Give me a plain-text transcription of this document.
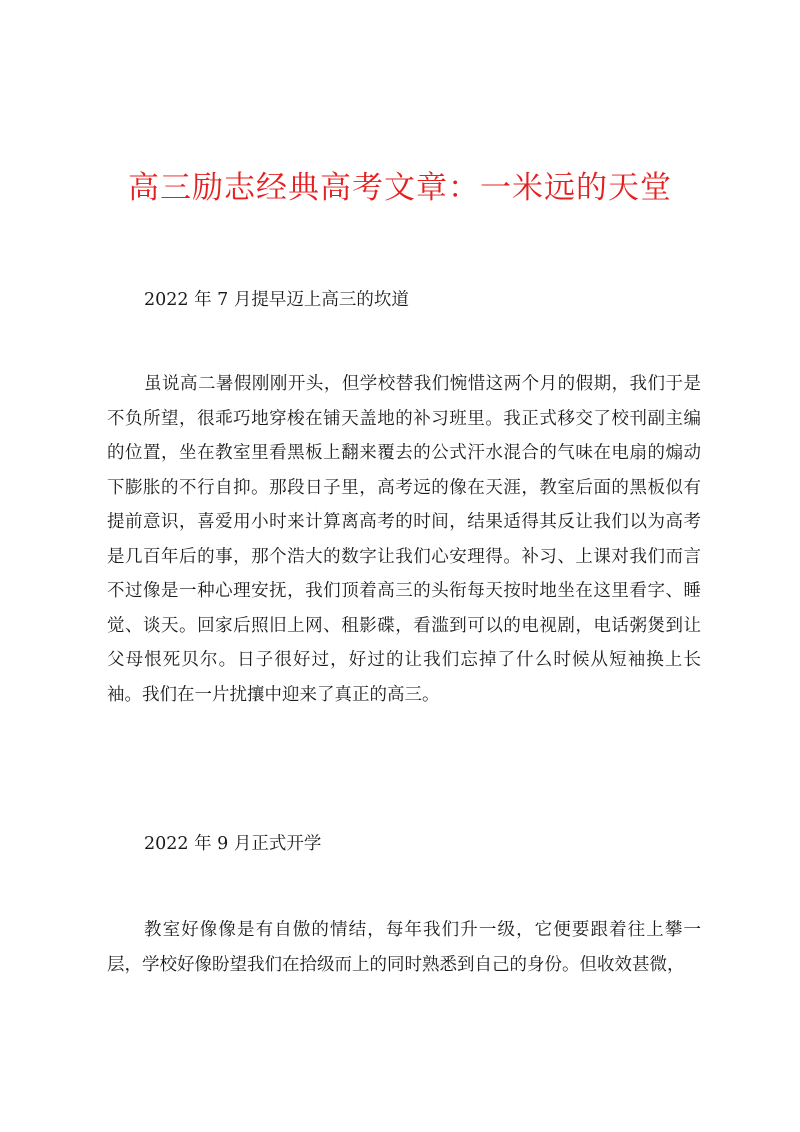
高三励志经典高考文章：一米远的天堂

2022 年 7 月提早迈上高三的坎道

虽说高二暑假刚刚开头，但学校替我们惋惜这两个月的假期，我们于是不负所望，很乖巧地穿梭在铺天盖地的补习班里。我正式移交了校刊副主编的位置，坐在教室里看黑板上翻来覆去的公式汗水混合的气味在电扇的煽动下膨胀的不行自抑。那段日子里，高考远的像在天涯，教室后面的黑板似有提前意识，喜爱用小时来计算离高考的时间，结果适得其反让我们以为高考是几百年后的事，那个浩大的数字让我们心安理得。补习、上课对我们而言不过像是一种心理安抚，我们顶着高三的头衔每天按时地坐在这里看字、睡觉、谈天。回家后照旧上网、租影碟，看滥到可以的电视剧，电话粥煲到让父母恨死贝尔。日子很好过，好过的让我们忘掉了什么时候从短袖换上长袖。我们在一片扰攘中迎来了真正的高三。

2022 年 9 月正式开学

教室好像像是有自傲的情结，每年我们升一级，它便要跟着往上攀一层，学校好像盼望我们在拾级而上的同时熟悉到自己的身份。但收效甚微，
